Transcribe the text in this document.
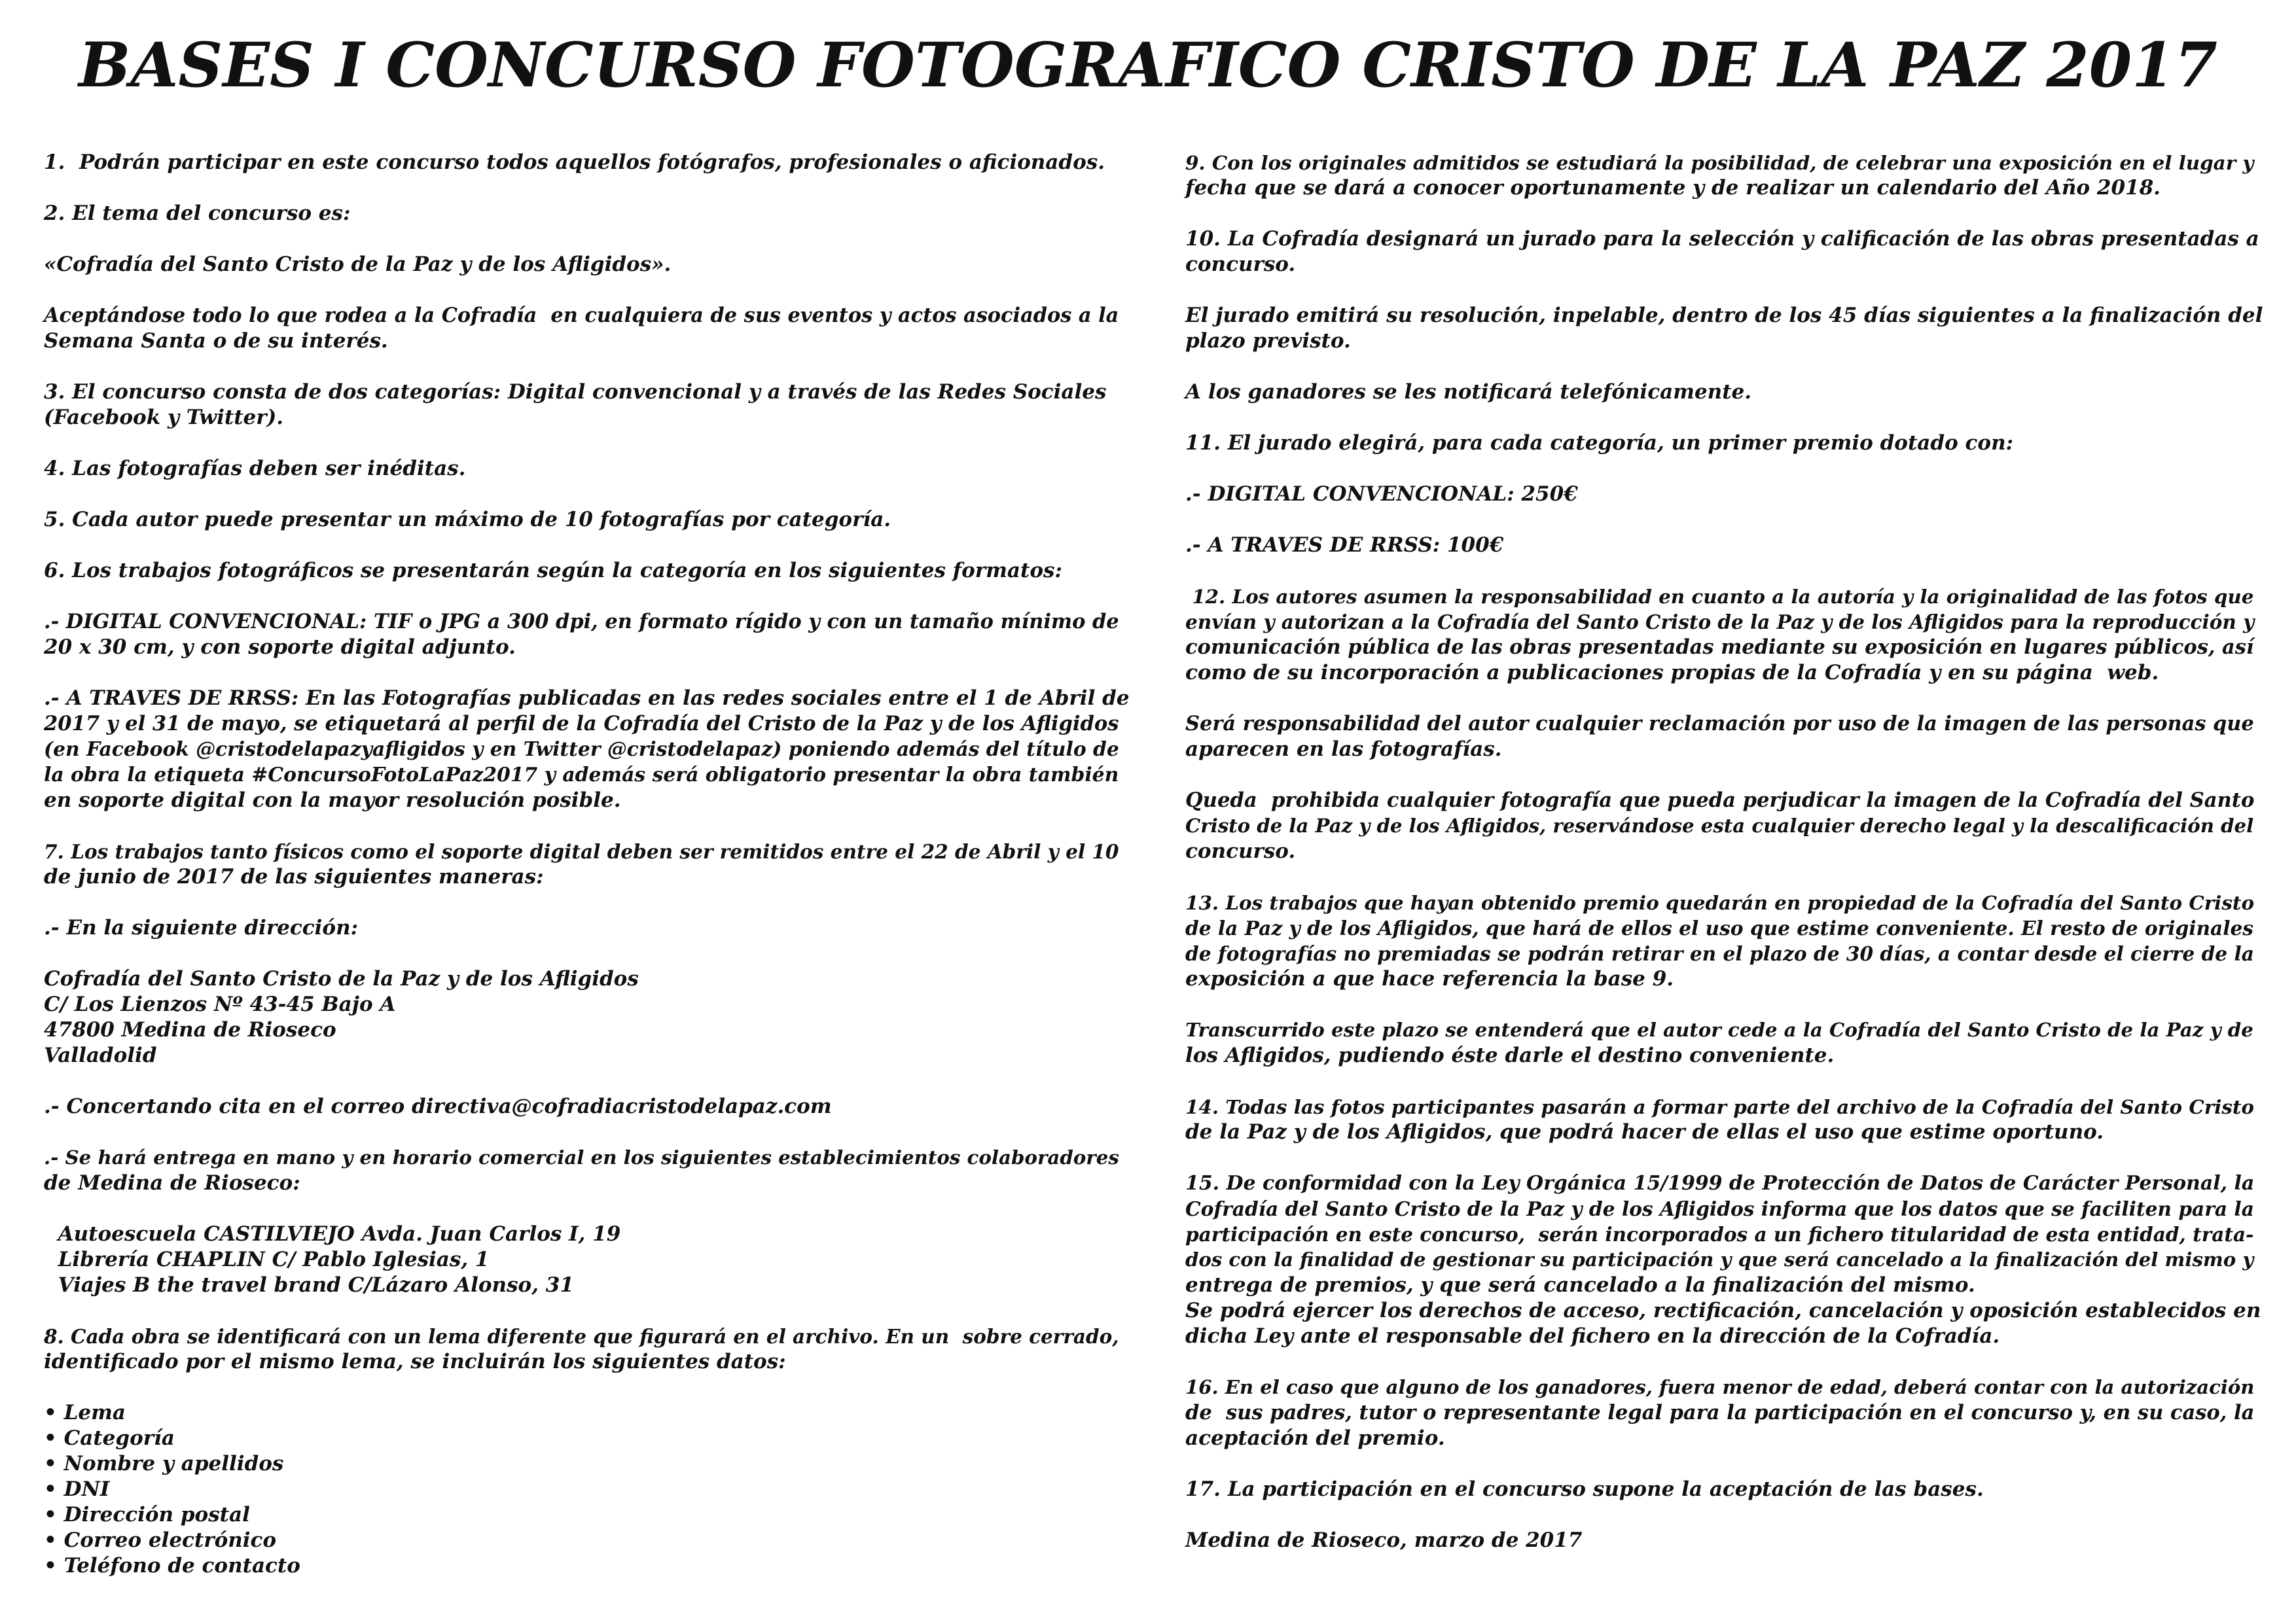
BASES I CONCURSO FOTOGRAFICO CRISTO DE LA PAZ 2017
1.  Podrán participar en este concurso todos aquellos fotógrafos, profesionales o aficionados.
2. El tema del concurso es:
«Cofradía del Santo Cristo de la Paz y de los Afligidos».
Aceptándose todo lo que rodea a la Cofradía  en cualquiera de sus eventos y actos asociados a la
Semana Santa o de su interés.
3. El concurso consta de dos categorías: Digital convencional y a través de las Redes Sociales
(Facebook y Twitter).
4. Las fotografías deben ser inéditas.
5. Cada autor puede presentar un máximo de 10 fotografías por categoría.
6. Los trabajos fotográficos se presentarán según la categoría en los siguientes formatos:
.- DIGITAL CONVENCIONAL: TIF o JPG a 300 dpi, en formato rígido y con un tamaño mínimo de
20 x 30 cm, y con soporte digital adjunto.
.- A TRAVES DE RRSS: En las Fotografías publicadas en las redes sociales entre el 1 de Abril de
2017 y el 31 de mayo, se etiquetará al perfil de la Cofradía del Cristo de la Paz y de los Afligidos
(en Facebook @cristodelapazyafligidos y en Twitter @cristodelapaz) poniendo además del título de
la obra la etiqueta #ConcursoFotoLaPaz2017 y además será obligatorio presentar la obra también
en soporte digital con la mayor resolución posible.
7. Los trabajos tanto físicos como el soporte digital deben ser remitidos entre el 22 de Abril y el 10
de junio de 2017 de las siguientes maneras:
.- En la siguiente dirección:
Cofradía del Santo Cristo de la Paz y de los Afligidos
C/ Los Lienzos Nº 43-45 Bajo A
47800 Medina de Rioseco
Valladolid
.- Concertando cita en el correo directiva@cofradiacristodelapaz.com
.- Se hará entrega en mano y en horario comercial en los siguientes establecimientos colaboradores
de Medina de Rioseco:
Autoescuela CASTILVIEJO Avda. Juan Carlos I, 19
Librería CHAPLIN C/ Pablo Iglesias, 1
Viajes B the travel brand C/Lázaro Alonso, 31
8. Cada obra se identificará con un lema diferente que figurará en el archivo. En un  sobre cerrado,
identificado por el mismo lema, se incluirán los siguientes datos:
• Lema
• Categoría
• Nombre y apellidos
• DNI
• Dirección postal
• Correo electrónico
• Teléfono de contacto
9. Con los originales admitidos se estudiará la posibilidad, de celebrar una exposición en el lugar y
fecha que se dará a conocer oportunamente y de realizar un calendario del Año 2018.
10. La Cofradía designará un jurado para la selección y calificación de las obras presentadas a
concurso.
El jurado emitirá su resolución, inpelable, dentro de los 45 días siguientes a la finalización del
plazo previsto.
A los ganadores se les notificará telefónicamente.
11. El jurado elegirá, para cada categoría, un primer premio dotado con:
.- DIGITAL CONVENCIONAL: 250€
.- A TRAVES DE RRSS: 100€
12. Los autores asumen la responsabilidad en cuanto a la autoría y la originalidad de las fotos que
envían y autorizan a la Cofradía del Santo Cristo de la Paz y de los Afligidos para la reproducción y
comunicación pública de las obras presentadas mediante su exposición en lugares públicos, así
como de su incorporación a publicaciones propias de la Cofradía y en su página  web.
Será responsabilidad del autor cualquier reclamación por uso de la imagen de las personas que
aparecen en las fotografías.
Queda  prohibida cualquier fotografía que pueda perjudicar la imagen de la Cofradía del Santo
Cristo de la Paz y de los Afligidos, reservándose esta cualquier derecho legal y la descalificación del
concurso.
13. Los trabajos que hayan obtenido premio quedarán en propiedad de la Cofradía del Santo Cristo
de la Paz y de los Afligidos, que hará de ellos el uso que estime conveniente. El resto de originales
de fotografías no premiadas se podrán retirar en el plazo de 30 días, a contar desde el cierre de la
exposición a que hace referencia la base 9.
Transcurrido este plazo se entenderá que el autor cede a la Cofradía del Santo Cristo de la Paz y de
los Afligidos, pudiendo éste darle el destino conveniente.
14. Todas las fotos participantes pasarán a formar parte del archivo de la Cofradía del Santo Cristo
de la Paz y de los Afligidos, que podrá hacer de ellas el uso que estime oportuno.
15. De conformidad con la Ley Orgánica 15/1999 de Protección de Datos de Carácter Personal, la
Cofradía del Santo Cristo de la Paz y de los Afligidos informa que los datos que se faciliten para la
participación en este concurso,  serán incorporados a un fichero titularidad de esta entidad, trata-
dos con la finalidad de gestionar su participación y que será cancelado a la finalización del mismo y
entrega de premios, y que será cancelado a la finalización del mismo.
Se podrá ejercer los derechos de acceso, rectificación, cancelación y oposición establecidos en
dicha Ley ante el responsable del fichero en la dirección de la Cofradía.
16. En el caso que alguno de los ganadores, fuera menor de edad, deberá contar con la autorización
de  sus padres, tutor o representante legal para la participación en el concurso y, en su caso, la
aceptación del premio.
17. La participación en el concurso supone la aceptación de las bases.
Medina de Rioseco, marzo de 2017
